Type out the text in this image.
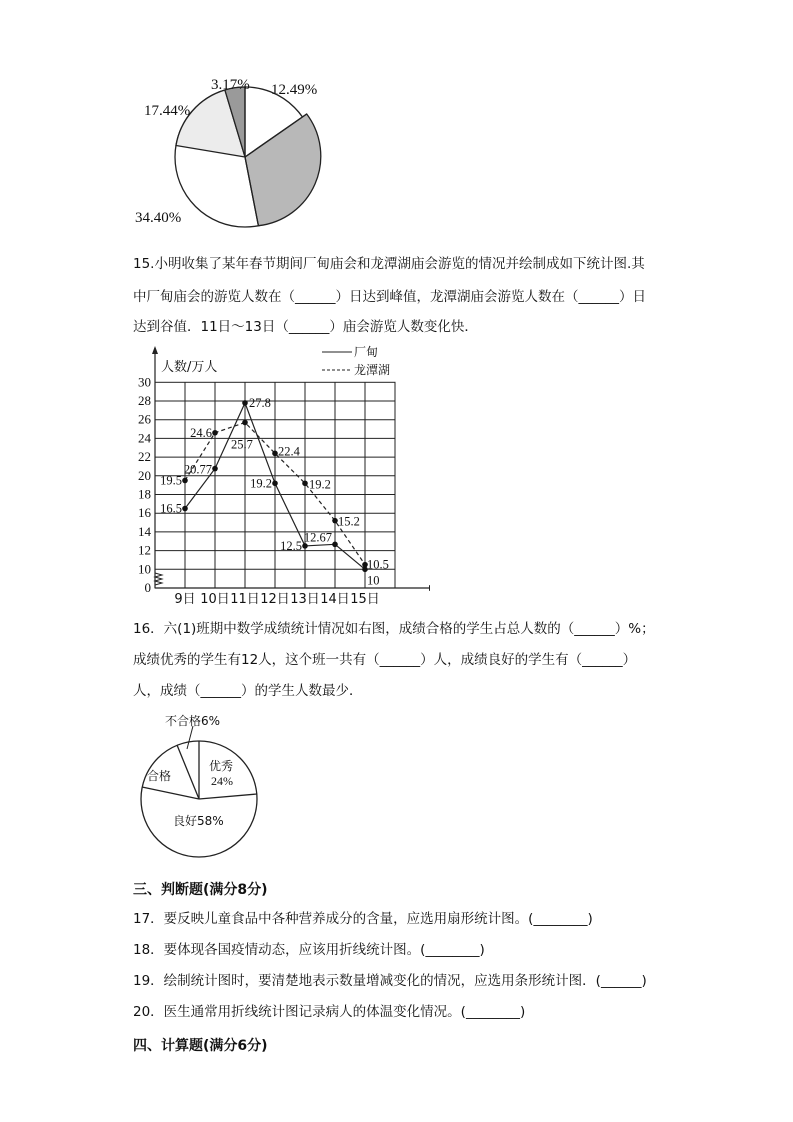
12.49%
3.17%
17.44%
34.40%
15.小明收集了某年春节期间厂甸庙会和龙潭湖庙会游览的情况并绘制成如下统计图.其
中厂甸庙会的游览人数在（______）日达到峰值，龙潭湖庙会游览人数在（______）日
达到谷值．11日～13日（______）庙会游览人数变化快．
0
10
12
14
16
18
20
22
24
26
28
30
9日 10日 11日 12日 13日 14日 15日
人数/万人
厂甸
龙潭湖
16.5
20.77
27.8
19.2
12.5
12.67
10
19.5
24.6
25.7 22.4
19.2
15.2
10.5
16．六(1)班期中数学成绩统计情况如右图，成绩合格的学生占总人数的（______）%；
成绩优秀的学生有12人，这个班一共有（______）人，成绩良好的学生有（______）
人，成绩（______）的学生人数最少．
不合格6%
合格
优秀
24%
良好58%
三、判断题(满分8分)
17．要反映儿童食品中各种营养成分的含量，应选用扇形统计图。(________)
18．要体现各国疫情动态，应该用折线统计图。(________)
19．绘制统计图时，要清楚地表示数量增减变化的情况，应选用条形统计图．(______)
20．医生通常用折线统计图记录病人的体温变化情况。(________)
四、计算题(满分6分)
